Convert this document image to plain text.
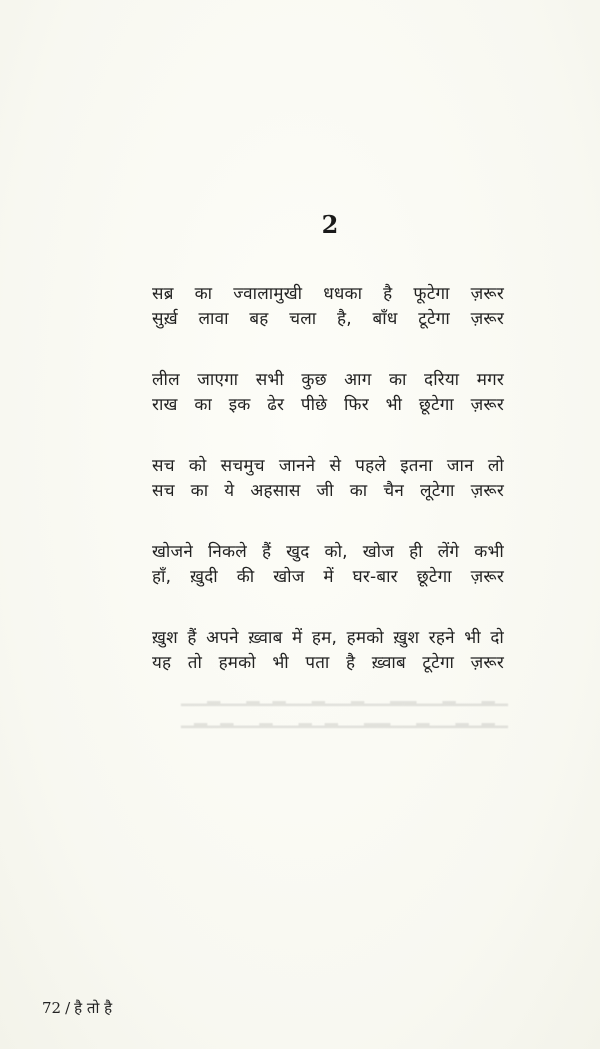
2
सब्र का ज्वालामुखी धधका है फूटेगा ज़रूर
सुर्ख़ लावा बह चला है, बाँध टूटेगा ज़रूर
लील जाएगा सभी कुछ आग का दरिया मगर
राख का इक ढेर पीछे फिर भी छूटेगा ज़रूर
सच को सचमुच जानने से पहले इतना जान लो
सच का ये अहसास जी का चैन लूटेगा ज़रूर
खोजने निकले हैं खुद को, खोज ही लेंगे कभी
हाँ, ख़ुदी की खोज में घर-बार छूटेगा ज़रूर
ख़ुश हैं अपने ख़्वाब में हम, हमको ख़ुश रहने भी दो
यह तो हमको भी पता है ख़्वाब टूटेगा ज़रूर
▁▂▁▁▂▁▁▂▂▁▁▂▁▁▂▁▁▂▁▂▁▁▂▁▁
▁▂▁▂▁▁▂▁▁▂▂▁▁▂▁▂▁▁▂▁▁▂▁▂▁
72 / है तो है
